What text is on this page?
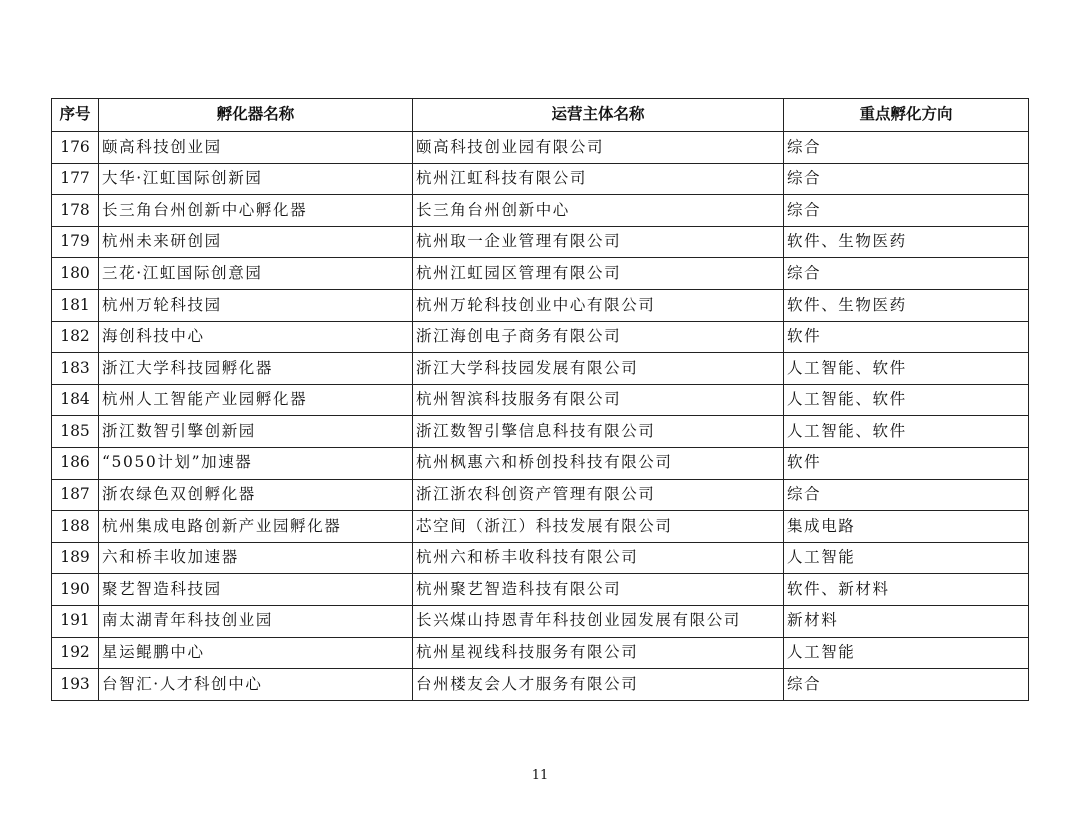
序号	孵化器名称	运营主体名称	重点孵化方向
176	颐高科技创业园	颐高科技创业园有限公司	综合
177	大华·江虹国际创新园	杭州江虹科技有限公司	综合
178	长三角台州创新中心孵化器	长三角台州创新中心	综合
179	杭州未来研创园	杭州取一企业管理有限公司	软件、生物医药
180	三花·江虹国际创意园	杭州江虹园区管理有限公司	综合
181	杭州万轮科技园	杭州万轮科技创业中心有限公司	软件、生物医药
182	海创科技中心	浙江海创电子商务有限公司	软件
183	浙江大学科技园孵化器	浙江大学科技园发展有限公司	人工智能、软件
184	杭州人工智能产业园孵化器	杭州智滨科技服务有限公司	人工智能、软件
185	浙江数智引擎创新园	浙江数智引擎信息科技有限公司	人工智能、软件
186	“5050计划”加速器	杭州枫惠六和桥创投科技有限公司	软件
187	浙农绿色双创孵化器	浙江浙农科创资产管理有限公司	综合
188	杭州集成电路创新产业园孵化器	芯空间（浙江）科技发展有限公司	集成电路
189	六和桥丰收加速器	杭州六和桥丰收科技有限公司	人工智能
190	聚艺智造科技园	杭州聚艺智造科技有限公司	软件、新材料
191	南太湖青年科技创业园	长兴煤山持恩青年科技创业园发展有限公司	新材料
192	星运鲲鹏中心	杭州星视线科技服务有限公司	人工智能
193	台智汇·人才科创中心	台州楼友会人才服务有限公司	综合
11
